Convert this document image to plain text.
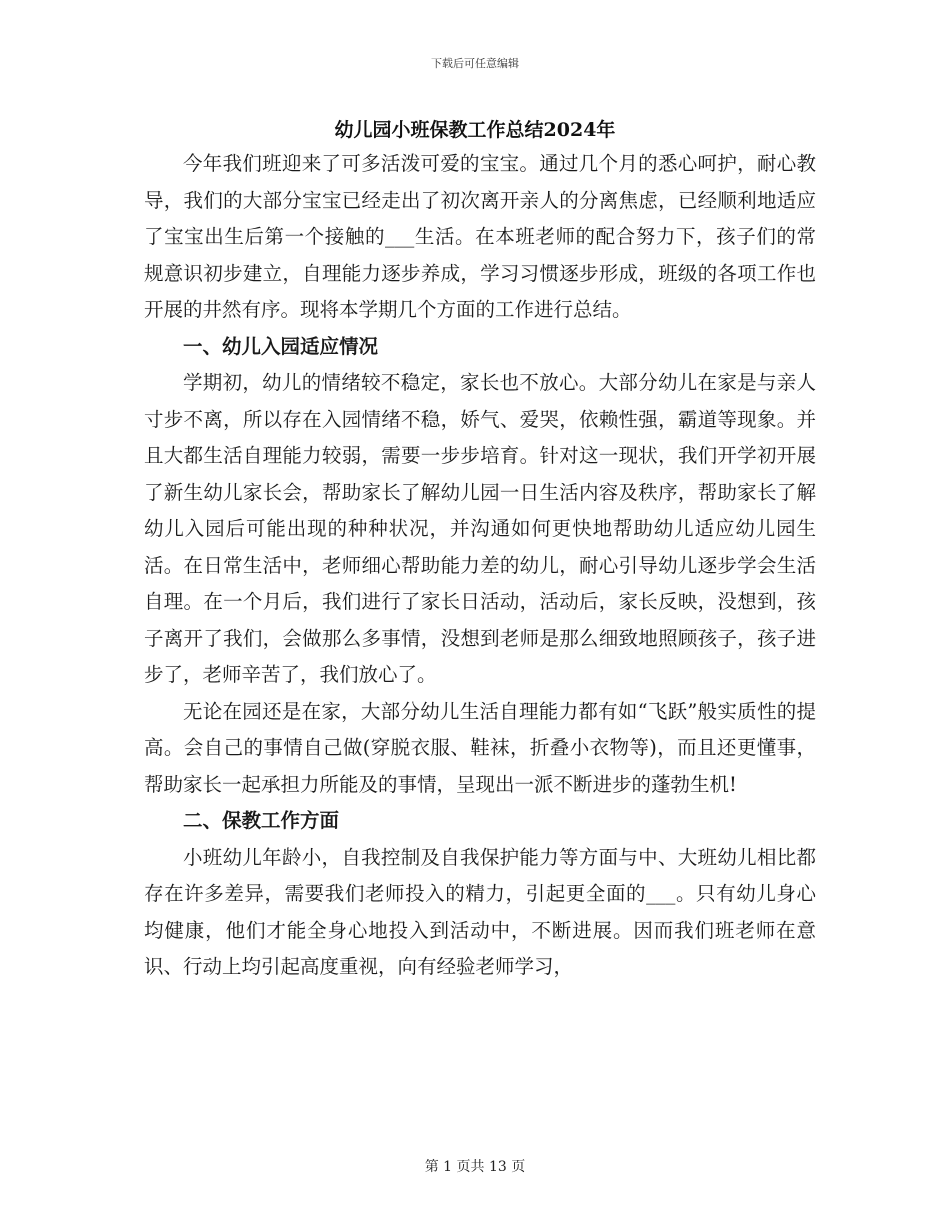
下载后可任意编辑
幼儿园小班保教工作总结2024年

今年我们班迎来了可多活泼可爱的宝宝。通过几个月的悉心呵护，耐心教导，我们的大部分宝宝已经走出了初次离开亲人的分离焦虑，已经顺利地适应了宝宝出生后第一个接触的___生活。在本班老师的配合努力下，孩子们的常规意识初步建立，自理能力逐步养成，学习习惯逐步形成，班级的各项工作也开展的井然有序。现将本学期几个方面的工作进行总结。

一、幼儿入园适应情况

学期初，幼儿的情绪较不稳定，家长也不放心。大部分幼儿在家是与亲人寸步不离，所以存在入园情绪不稳，娇气、爱哭，依赖性强，霸道等现象。并且大都生活自理能力较弱，需要一步步培育。针对这一现状，我们开学初开展了新生幼儿家长会，帮助家长了解幼儿园一日生活内容及秩序，帮助家长了解幼儿入园后可能出现的种种状况，并沟通如何更快地帮助幼儿适应幼儿园生活。在日常生活中，老师细心帮助能力差的幼儿，耐心引导幼儿逐步学会生活自理。在一个月后，我们进行了家长日活动，活动后，家长反映，没想到，孩子离开了我们，会做那么多事情，没想到老师是那么细致地照顾孩子，孩子进步了，老师辛苦了，我们放心了。

无论在园还是在家，大部分幼儿生活自理能力都有如“飞跃”般实质性的提高。会自己的事情自己做(穿脱衣服、鞋袜，折叠小衣物等)，而且还更懂事，帮助家长一起承担力所能及的事情，呈现出一派不断进步的蓬勃生机!

二、保教工作方面

小班幼儿年龄小，自我控制及自我保护能力等方面与中、大班幼儿相比都存在许多差异，需要我们老师投入的精力，引起更全面的___。只有幼儿身心均健康，他们才能全身心地投入到活动中，不断进展。因而我们班老师在意识、行动上均引起高度重视，向有经验老师学习，

第 1 页共 13 页
